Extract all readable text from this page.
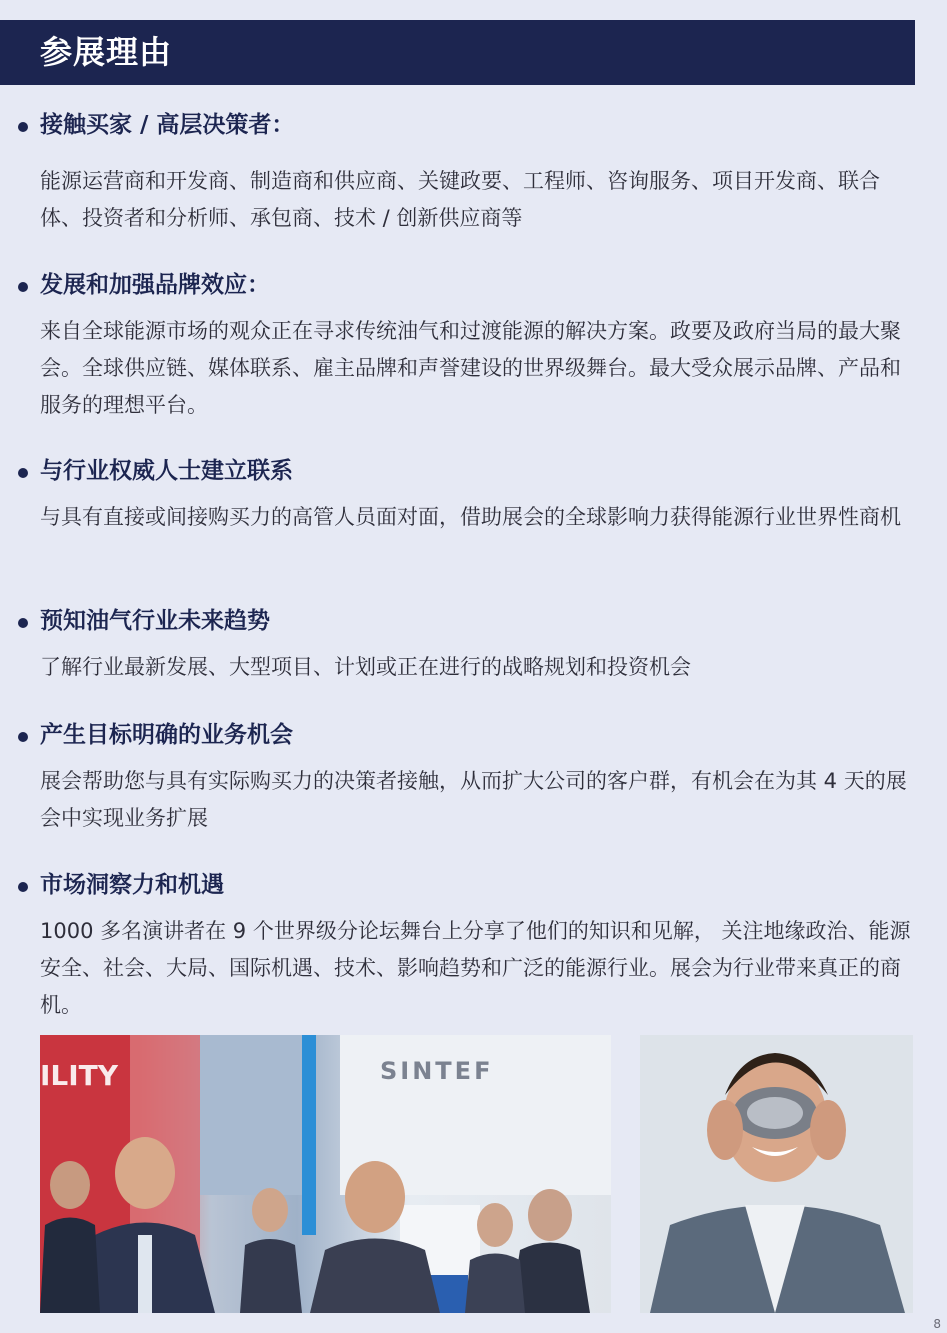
参展理由
接触买家 / 高层决策者：
能源运营商和开发商、制造商和供应商、关键政要、工程师、咨询服务、项目开发商、联合体、投资者和分析师、承包商、技术 / 创新供应商等
发展和加强品牌效应：
来自全球能源市场的观众正在寻求传统油气和过渡能源的解决方案。政要及政府当局的最大聚会。全球供应链、媒体联系、雇主品牌和声誉建设的世界级舞台。最大受众展示品牌、产品和服务的理想平台。
与行业权威人士建立联系
与具有直接或间接购买力的高管人员面对面，借助展会的全球影响力获得能源行业世界性商机
预知油气行业未来趋势
了解行业最新发展、大型项目、计划或正在进行的战略规划和投资机会
产生目标明确的业务机会
展会帮助您与具有实际购买力的决策者接触，从而扩大公司的客户群，有机会在为其 4 天的展会中实现业务扩展
市场洞察力和机遇
1000 多名演讲者在 9 个世界级分论坛舞台上分享了他们的知识和见解， 关注地缘政治、能源安全、社会、大局、国际机遇、技术、影响趋势和广泛的能源行业。展会为行业带来真正的商机。
ILITY	SINTEF
8
